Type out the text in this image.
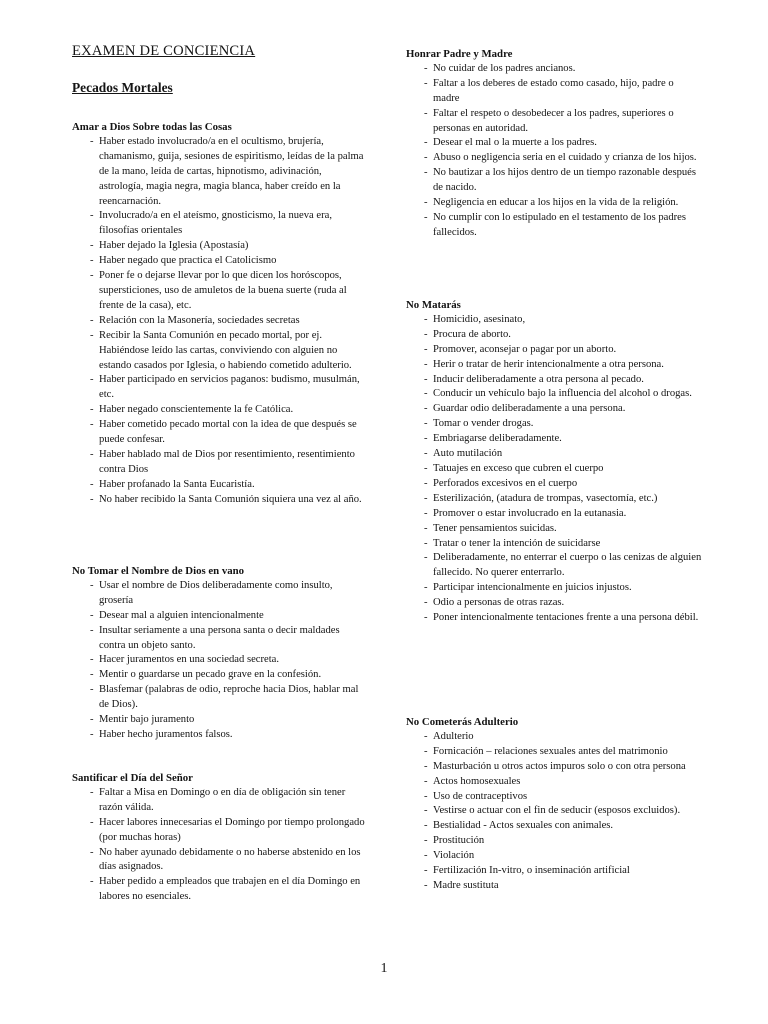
EXAMEN DE CONCIENCIA
Pecados Mortales
Amar a Dios Sobre todas las Cosas
- Haber estado involucrado/a en el ocultismo, brujería, chamanismo, guija, sesiones de espiritismo, leídas de la palma de la mano, leída de cartas, hipnotismo, adivinación, astrología, magia negra, magia blanca, haber creído en la reencarnación.
- Involucrado/a en el ateísmo, gnosticismo, la nueva era, filosofías orientales
- Haber dejado la Iglesia (Apostasía)
- Haber negado que practica el Catolicismo
- Poner fe o dejarse llevar por lo que dicen los horóscopos, supersticiones, uso de amuletos de la buena suerte (ruda al frente de la casa), etc.
- Relación con la Masonería, sociedades secretas
- Recibir la Santa Comunión en pecado mortal, por ej. Habiéndose leído las cartas, conviviendo con alguien no estando casados por Iglesia, o habiendo cometido adulterio.
- Haber participado en servicios paganos: budismo, musulmán, etc.
- Haber negado conscientemente la fe Católica.
- Haber cometido pecado mortal con la idea de que después se puede confesar.
- Haber hablado mal de Dios por resentimiento, resentimiento contra Dios
- Haber profanado la Santa Eucaristía.
- No haber recibido la Santa Comunión siquiera una vez al año.
No Tomar el Nombre de Dios en vano
- Usar el nombre de Dios deliberadamente como insulto, grosería
- Desear mal a alguien intencionalmente
- Insultar seriamente a una persona santa o decir maldades contra un objeto santo.
- Hacer juramentos en una sociedad secreta.
- Mentir o guardarse un pecado grave en la confesión.
- Blasfemar (palabras de odio, reproche hacia Dios, hablar mal de Dios).
- Mentir bajo juramento
- Haber hecho juramentos falsos.
Santificar el Día del Señor
- Faltar a Misa en Domingo o en día de obligación sin tener razón válida.
- Hacer labores innecesarias el Domingo por tiempo prolongado (por muchas horas)
- No haber ayunado debidamente o no haberse abstenido en los días asignados.
- Haber pedido a empleados que trabajen en el día Domingo en labores no esenciales.
Honrar Padre y Madre
- No cuidar de los padres ancianos.
- Faltar a los deberes de estado como casado, hijo, padre o madre
- Faltar el respeto o desobedecer a los padres, superiores o personas en autoridad.
- Desear el mal o la muerte a los padres.
- Abuso o negligencia seria en el cuidado y crianza de los hijos.
- No bautizar a los hijos dentro de un tiempo razonable después de nacido.
- Negligencia en educar a los hijos en la vida de la religión.
- No cumplir con lo estipulado en el testamento de los padres fallecidos.
No Matarás
- Homicidio, asesinato,
- Procura de aborto.
- Promover, aconsejar o pagar por un aborto.
- Herir o tratar de herir intencionalmente a otra persona.
- Inducir deliberadamente a otra persona al pecado.
- Conducir un vehículo bajo la influencia del alcohol o drogas.
- Guardar odio deliberadamente a una persona.
- Tomar o vender drogas.
- Embriagarse deliberadamente.
- Auto mutilación
- Tatuajes en exceso que cubren el cuerpo
- Perforados excesivos en el cuerpo
- Esterilización, (atadura de trompas, vasectomía, etc.)
- Promover o estar involucrado en la eutanasia.
- Tener pensamientos suicidas.
- Tratar o tener la intención de suicidarse
- Deliberadamente, no enterrar el cuerpo o las cenizas de alguien fallecido. No querer enterrarlo.
- Participar intencionalmente en juicios injustos.
- Odio a personas de otras razas.
- Poner intencionalmente tentaciones frente a una persona débil.
No Cometerás Adulterio
- Adulterio
- Fornicación – relaciones sexuales antes del matrimonio
- Masturbación u otros actos impuros solo o con otra persona
- Actos homosexuales
- Uso de contraceptivos
- Vestirse o actuar con el fin de seducir (esposos excluidos).
- Bestialidad - Actos sexuales con animales.
- Prostitución
- Violación
- Fertilización In-vitro, o inseminación artificial
- Madre sustituta
1
